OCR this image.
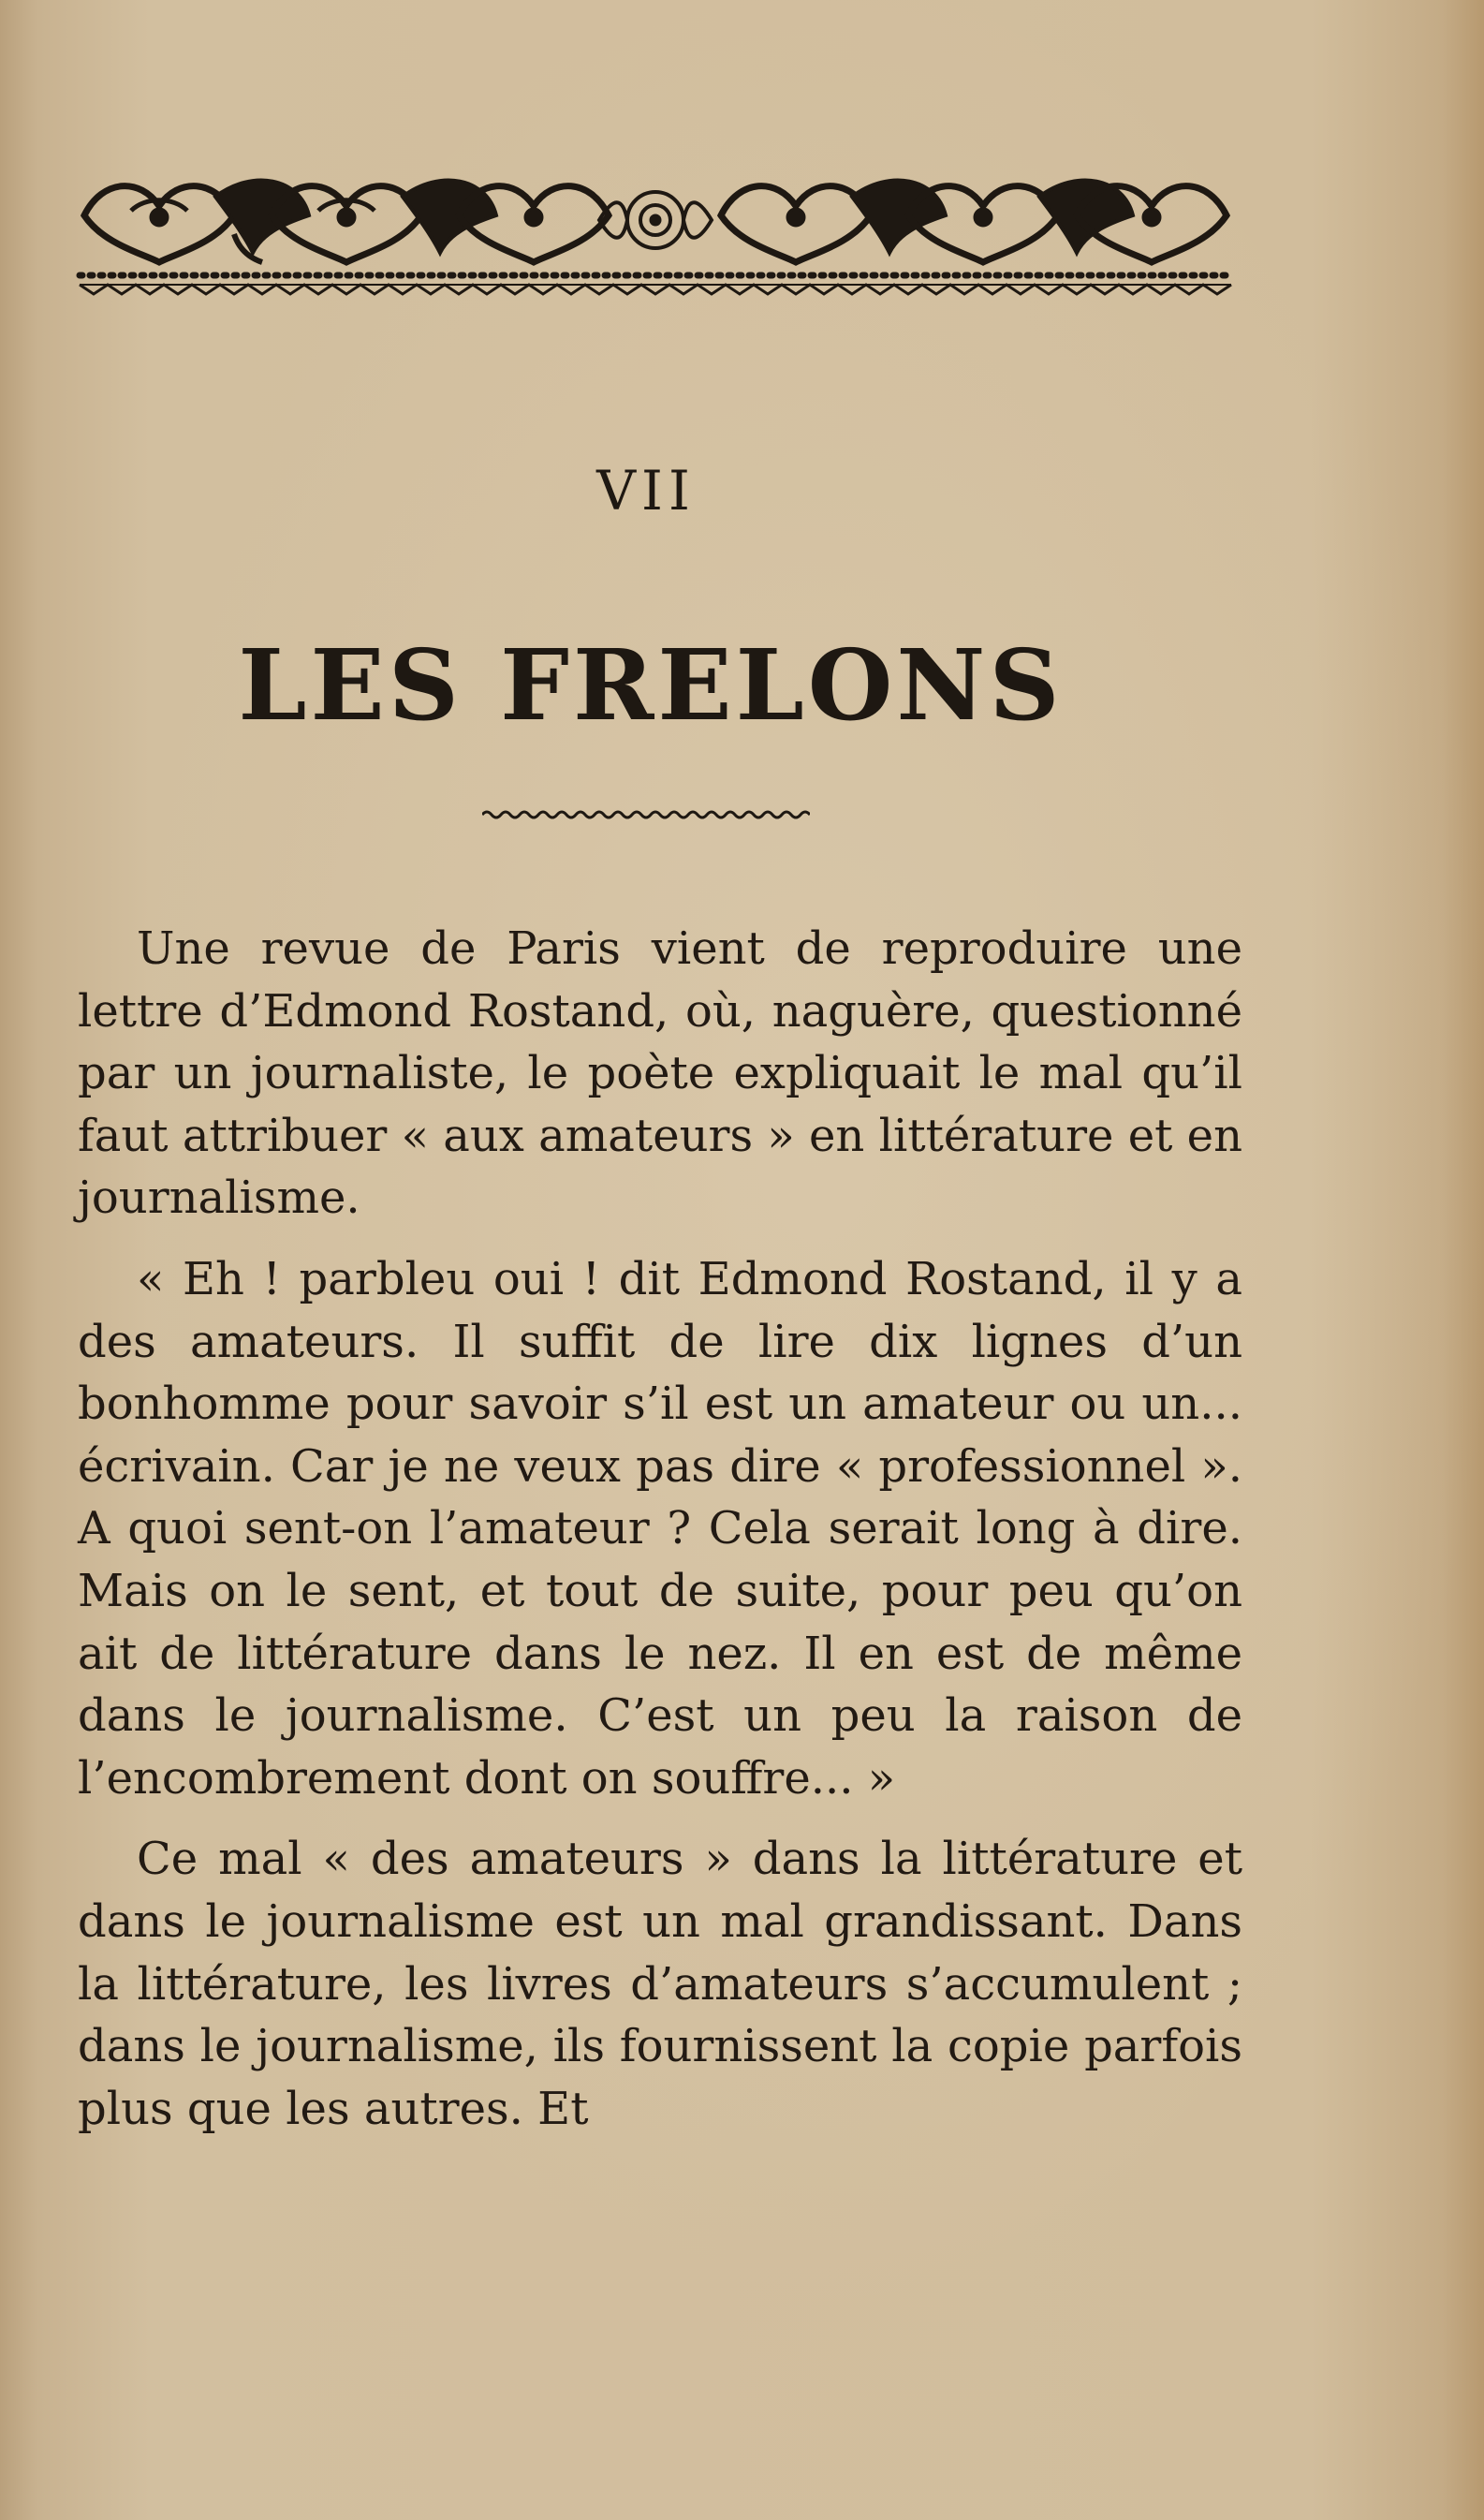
VII
LES FRELONS

Une revue de Paris vient de reproduire une lettre d’Edmond Rostand, où, naguère, questionné par un journaliste, le poète expliquait le mal qu’il faut attribuer « aux amateurs » en littérature et en journalisme.

« Eh ! parbleu oui ! dit Edmond Rostand, il y a des amateurs. Il suffit de lire dix lignes d’un bonhomme pour savoir s’il est un amateur ou un... écrivain. Car je ne veux pas dire « professionnel ». A quoi sent-on l’amateur ? Cela serait long à dire. Mais on le sent, et tout de suite, pour peu qu’on ait de littérature dans le nez. Il en est de même dans le journalisme. C’est un peu la raison de l’encombrement dont on souffre... »

Ce mal « des amateurs » dans la littérature et dans le journalisme est un mal grandissant. Dans la littérature, les livres d’amateurs s’accumulent ; dans le journalisme, ils fournissent la copie parfois plus que les autres. Et
